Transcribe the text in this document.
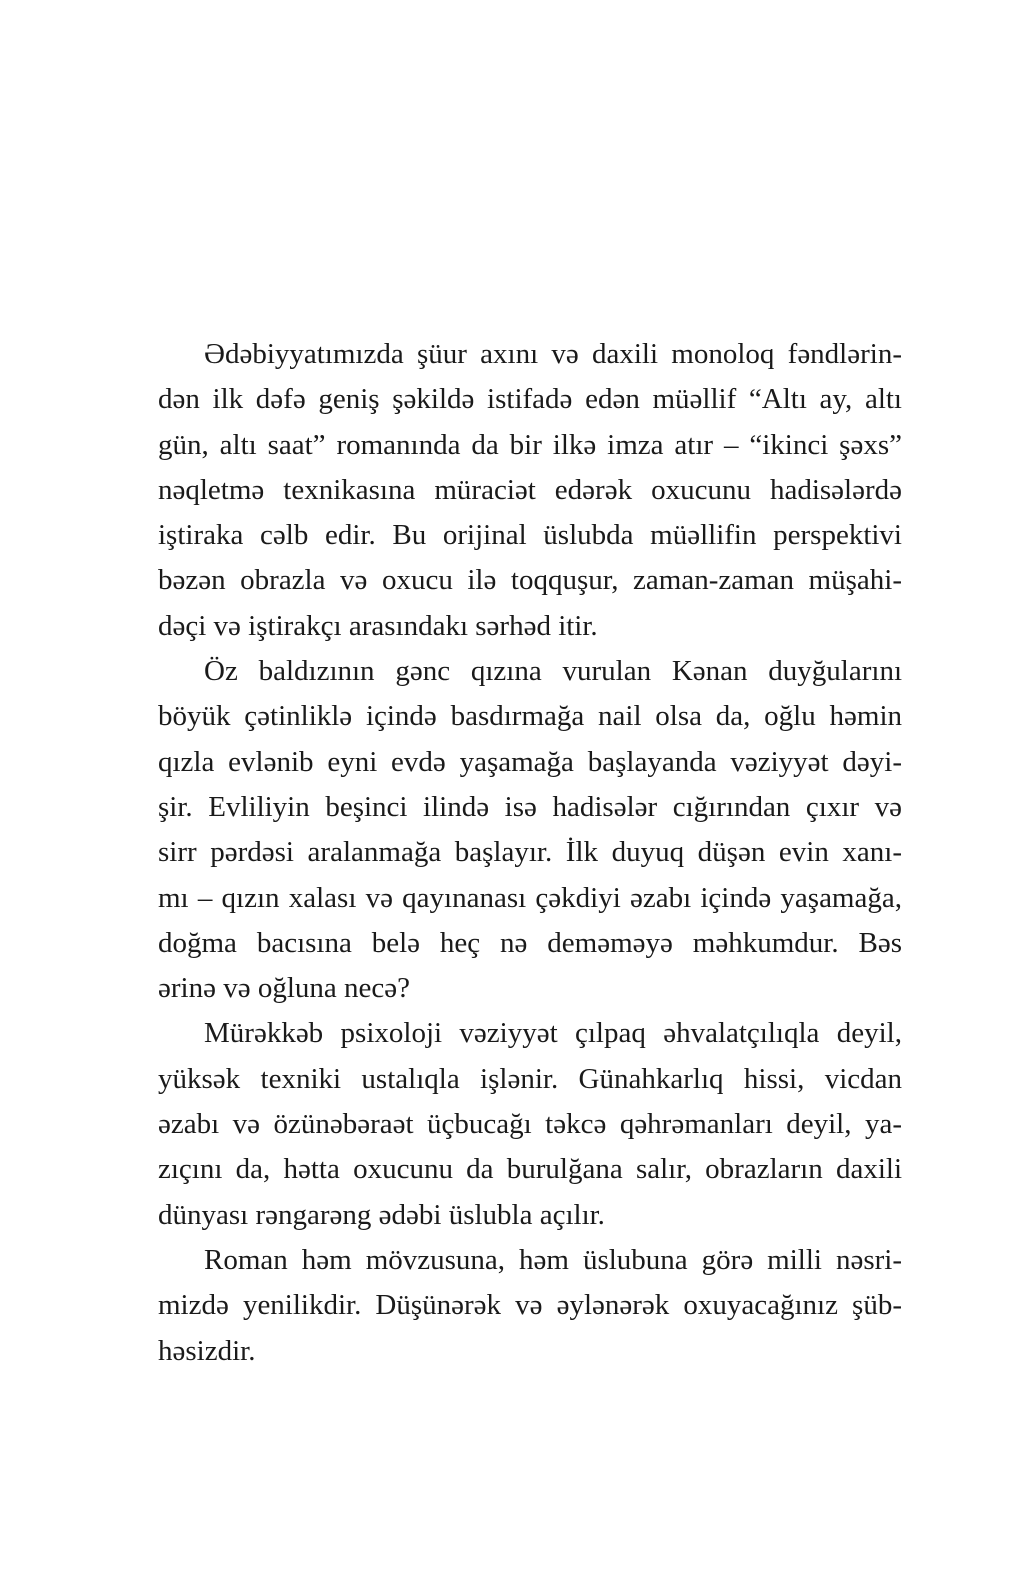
Ədəbiyyatımızda şüur axını və daxili monoloq fəndlərin-
dən ilk dəfə geniş şəkildə istifadə edən müəllif “Altı ay, altı
gün, altı saat” romanında da bir ilkə imza atır – “ikinci şəxs”
nəqletmə texnikasına müraciət edərək oxucunu hadisələrdə
iştiraka cəlb edir. Bu orijinal üslubda müəllifin perspektivi
bəzən obrazla və oxucu ilə toqquşur, zaman-zaman müşahi-
dəçi və iştirakçı arasındakı sərhəd itir.
Öz baldızının gənc qızına vurulan Kənan duyğularını
böyük çətinliklə içində basdırmağa nail olsa da, oğlu həmin
qızla evlənib eyni evdə yaşamağa başlayanda vəziyyət dəyi-
şir. Evliliyin beşinci ilində isə hadisələr cığırından çıxır və
sirr pərdəsi aralanmağa başlayır. İlk duyuq düşən evin xanı-
mı – qızın xalası və qayınanası çəkdiyi əzabı içində yaşamağa,
doğma bacısına belə heç nə deməməyə məhkumdur. Bəs
ərinə və oğluna necə?
Mürəkkəb psixoloji vəziyyət çılpaq əhvalatçılıqla deyil,
yüksək texniki ustalıqla işlənir. Günahkarlıq hissi, vicdan
əzabı və özünəbəraət üçbucağı təkcə qəhrəmanları deyil, ya-
zıçını da, hətta oxucunu da burulğana salır, obrazların daxili
dünyası rəngarəng ədəbi üslubla açılır.
Roman həm mövzusuna, həm üslubuna görə milli nəsri-
mizdə yenilikdir. Düşünərək və əylənərək oxuyacağınız şüb-
həsizdir.
